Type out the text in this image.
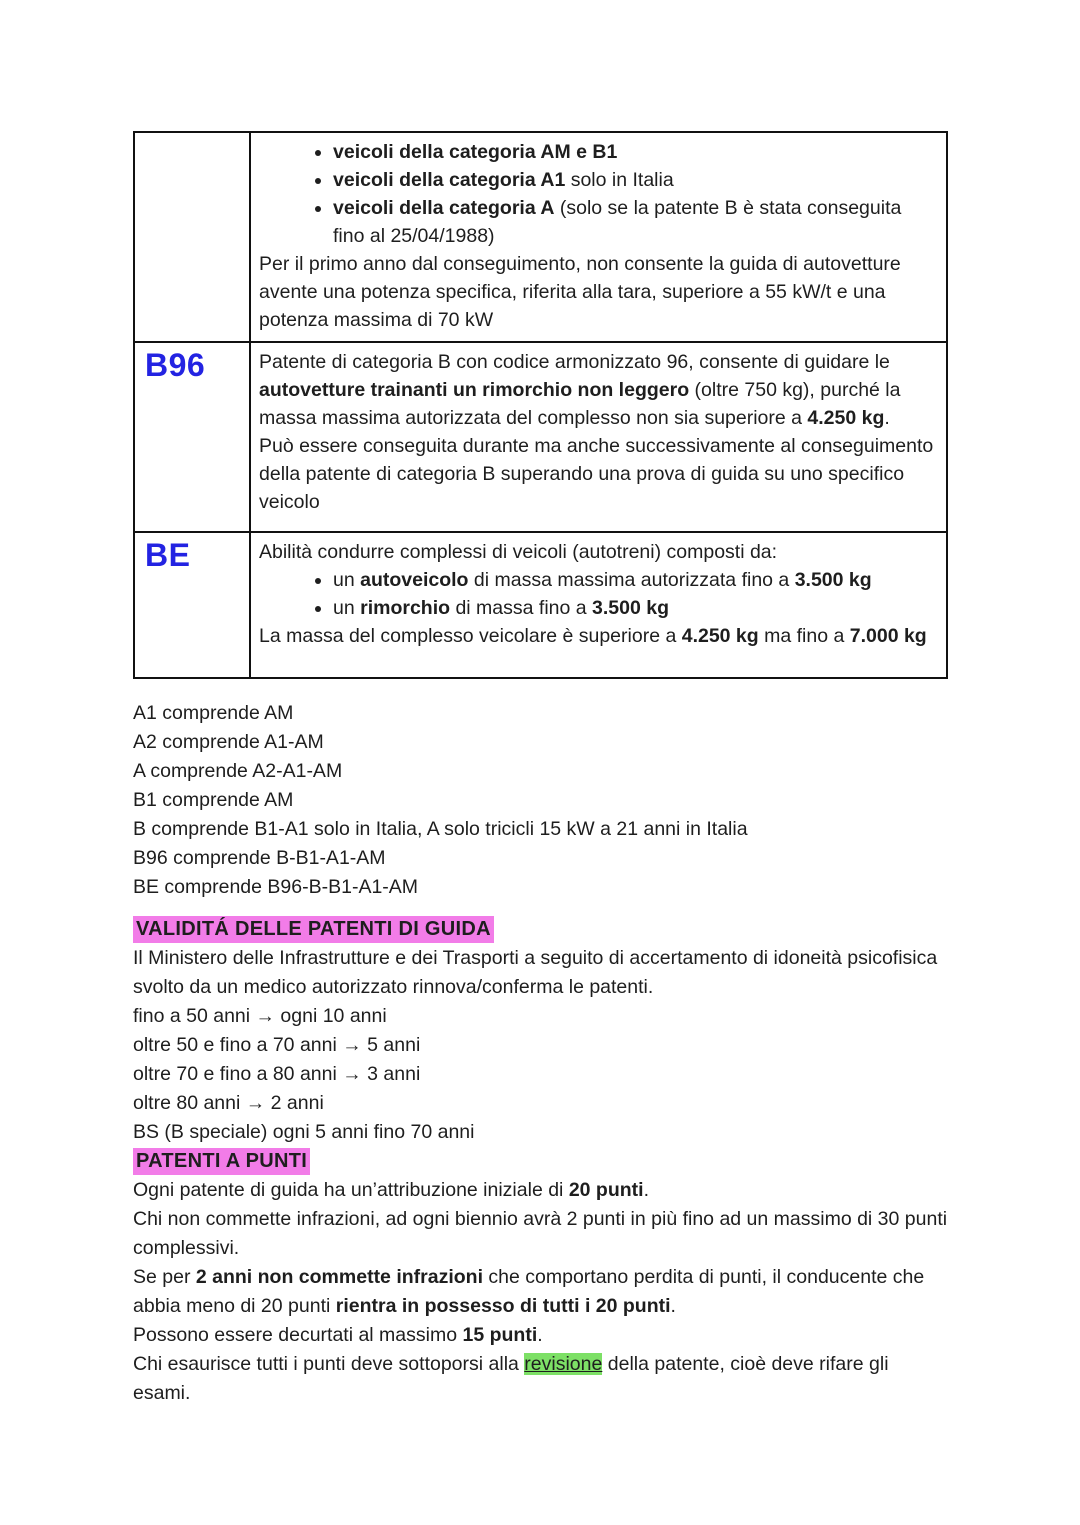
• veicoli della categoria AM e B1
• veicoli della categoria A1 solo in Italia
• veicoli della categoria A (solo se la patente B è stata conseguita fino al 25/04/1988)
Per il primo anno dal conseguimento, non consente la guida di autovetture avente una potenza specifica, riferita alla tara, superiore a 55 kW/t e una potenza massima di 70 kW

B96	Patente di categoria B con codice armonizzato 96, consente di guidare le autovetture trainanti un rimorchio non leggero (oltre 750 kg), purché la massa massima autorizzata del complesso non sia superiore a 4.250 kg.
Può essere conseguita durante ma anche successivamente al conseguimento della patente di categoria B superando una prova di guida su uno specifico veicolo

BE	Abilità condurre complessi di veicoli (autotreni) composti da:
• un autoveicolo di massa massima autorizzata fino a 3.500 kg
• un rimorchio di massa fino a 3.500 kg
La massa del complesso veicolare è superiore a 4.250 kg ma fino a 7.000 kg
A1 comprende AM
A2 comprende A1-AM
A comprende A2-A1-AM
B1 comprende AM
B comprende B1-A1 solo in Italia, A solo tricicli 15 kW a 21 anni in Italia
B96 comprende B-B1-A1-AM
BE comprende B96-B-B1-A1-AM
VALIDITÁ DELLE PATENTI DI GUIDA
Il Ministero delle Infrastrutture e dei Trasporti a seguito di accertamento di idoneità psicofisica svolto da un medico autorizzato rinnova/conferma le patenti.
fino a 50 anni → ogni 10 anni
oltre 50 e fino a 70 anni → 5 anni
oltre 70 e fino a 80 anni → 3 anni
oltre 80 anni → 2 anni
BS (B speciale) ogni 5 anni fino 70 anni
PATENTI A PUNTI
Ogni patente di guida ha un’attribuzione iniziale di 20 punti.
Chi non commette infrazioni, ad ogni biennio avrà 2 punti in più fino ad un massimo di 30 punti complessivi.
Se per 2 anni non commette infrazioni che comportano perdita di punti, il conducente che abbia meno di 20 punti rientra in possesso di tutti i 20 punti.
Possono essere decurtati al massimo 15 punti.
Chi esaurisce tutti i punti deve sottoporsi alla revisione della patente, cioè deve rifare gli esami.
